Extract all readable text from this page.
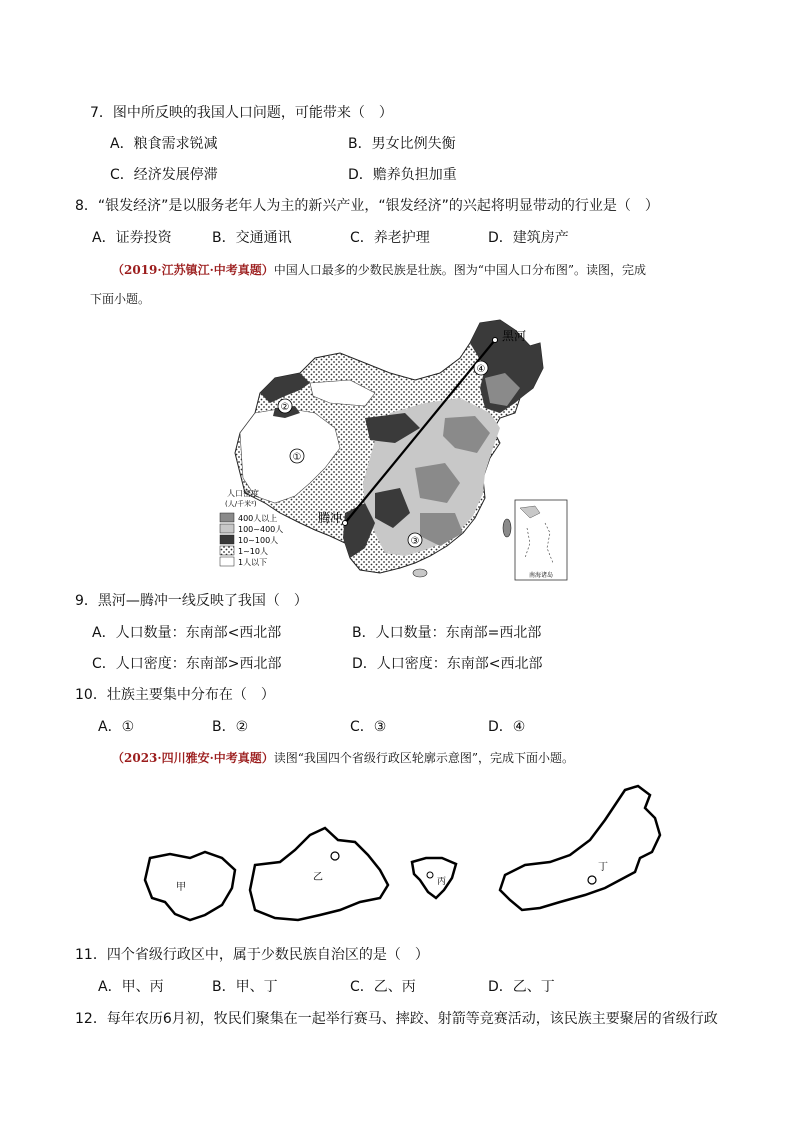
7．图中所反映的我国人口问题，可能带来（　）
A．粮食需求锐减	B．男女比例失衡
C．经济发展停滞	D．赡养负担加重
8．“银发经济”是以服务老年人为主的新兴产业，“银发经济”的兴起将明显带动的行业是（　）
A．证券投资	B．交通通讯	C．养老护理	D．建筑房产
（2019·江苏镇江·中考真题）中国人口最多的少数民族是壮族。图为“中国人口分布图”。读图，完成
下面小题。
黑河
腾冲
①
②
③
④
人口密度
(人/千米²)
400人以上
100~400人
10~100人
1~10人
1人以下
南海诸岛
9．黑河—腾冲一线反映了我国（　）
A．人口数量：东南部<西北部	B．人口数量：东南部=西北部
C．人口密度：东南部>西北部	D．人口密度：东南部<西北部
10．壮族主要集中分布在（　）
A．①	B．②	C．③	D．④
（2023·四川雅安·中考真题）读图“我国四个省级行政区轮廓示意图”，完成下面小题。
甲
乙	丙
丁
11．四个省级行政区中，属于少数民族自治区的是（　）
A．甲、丙	B．甲、丁	C．乙、丙	D．乙、丁
12．每年农历6月初，牧民们聚集在一起举行赛马、摔跤、射箭等竞赛活动，该民族主要聚居的省级行政
